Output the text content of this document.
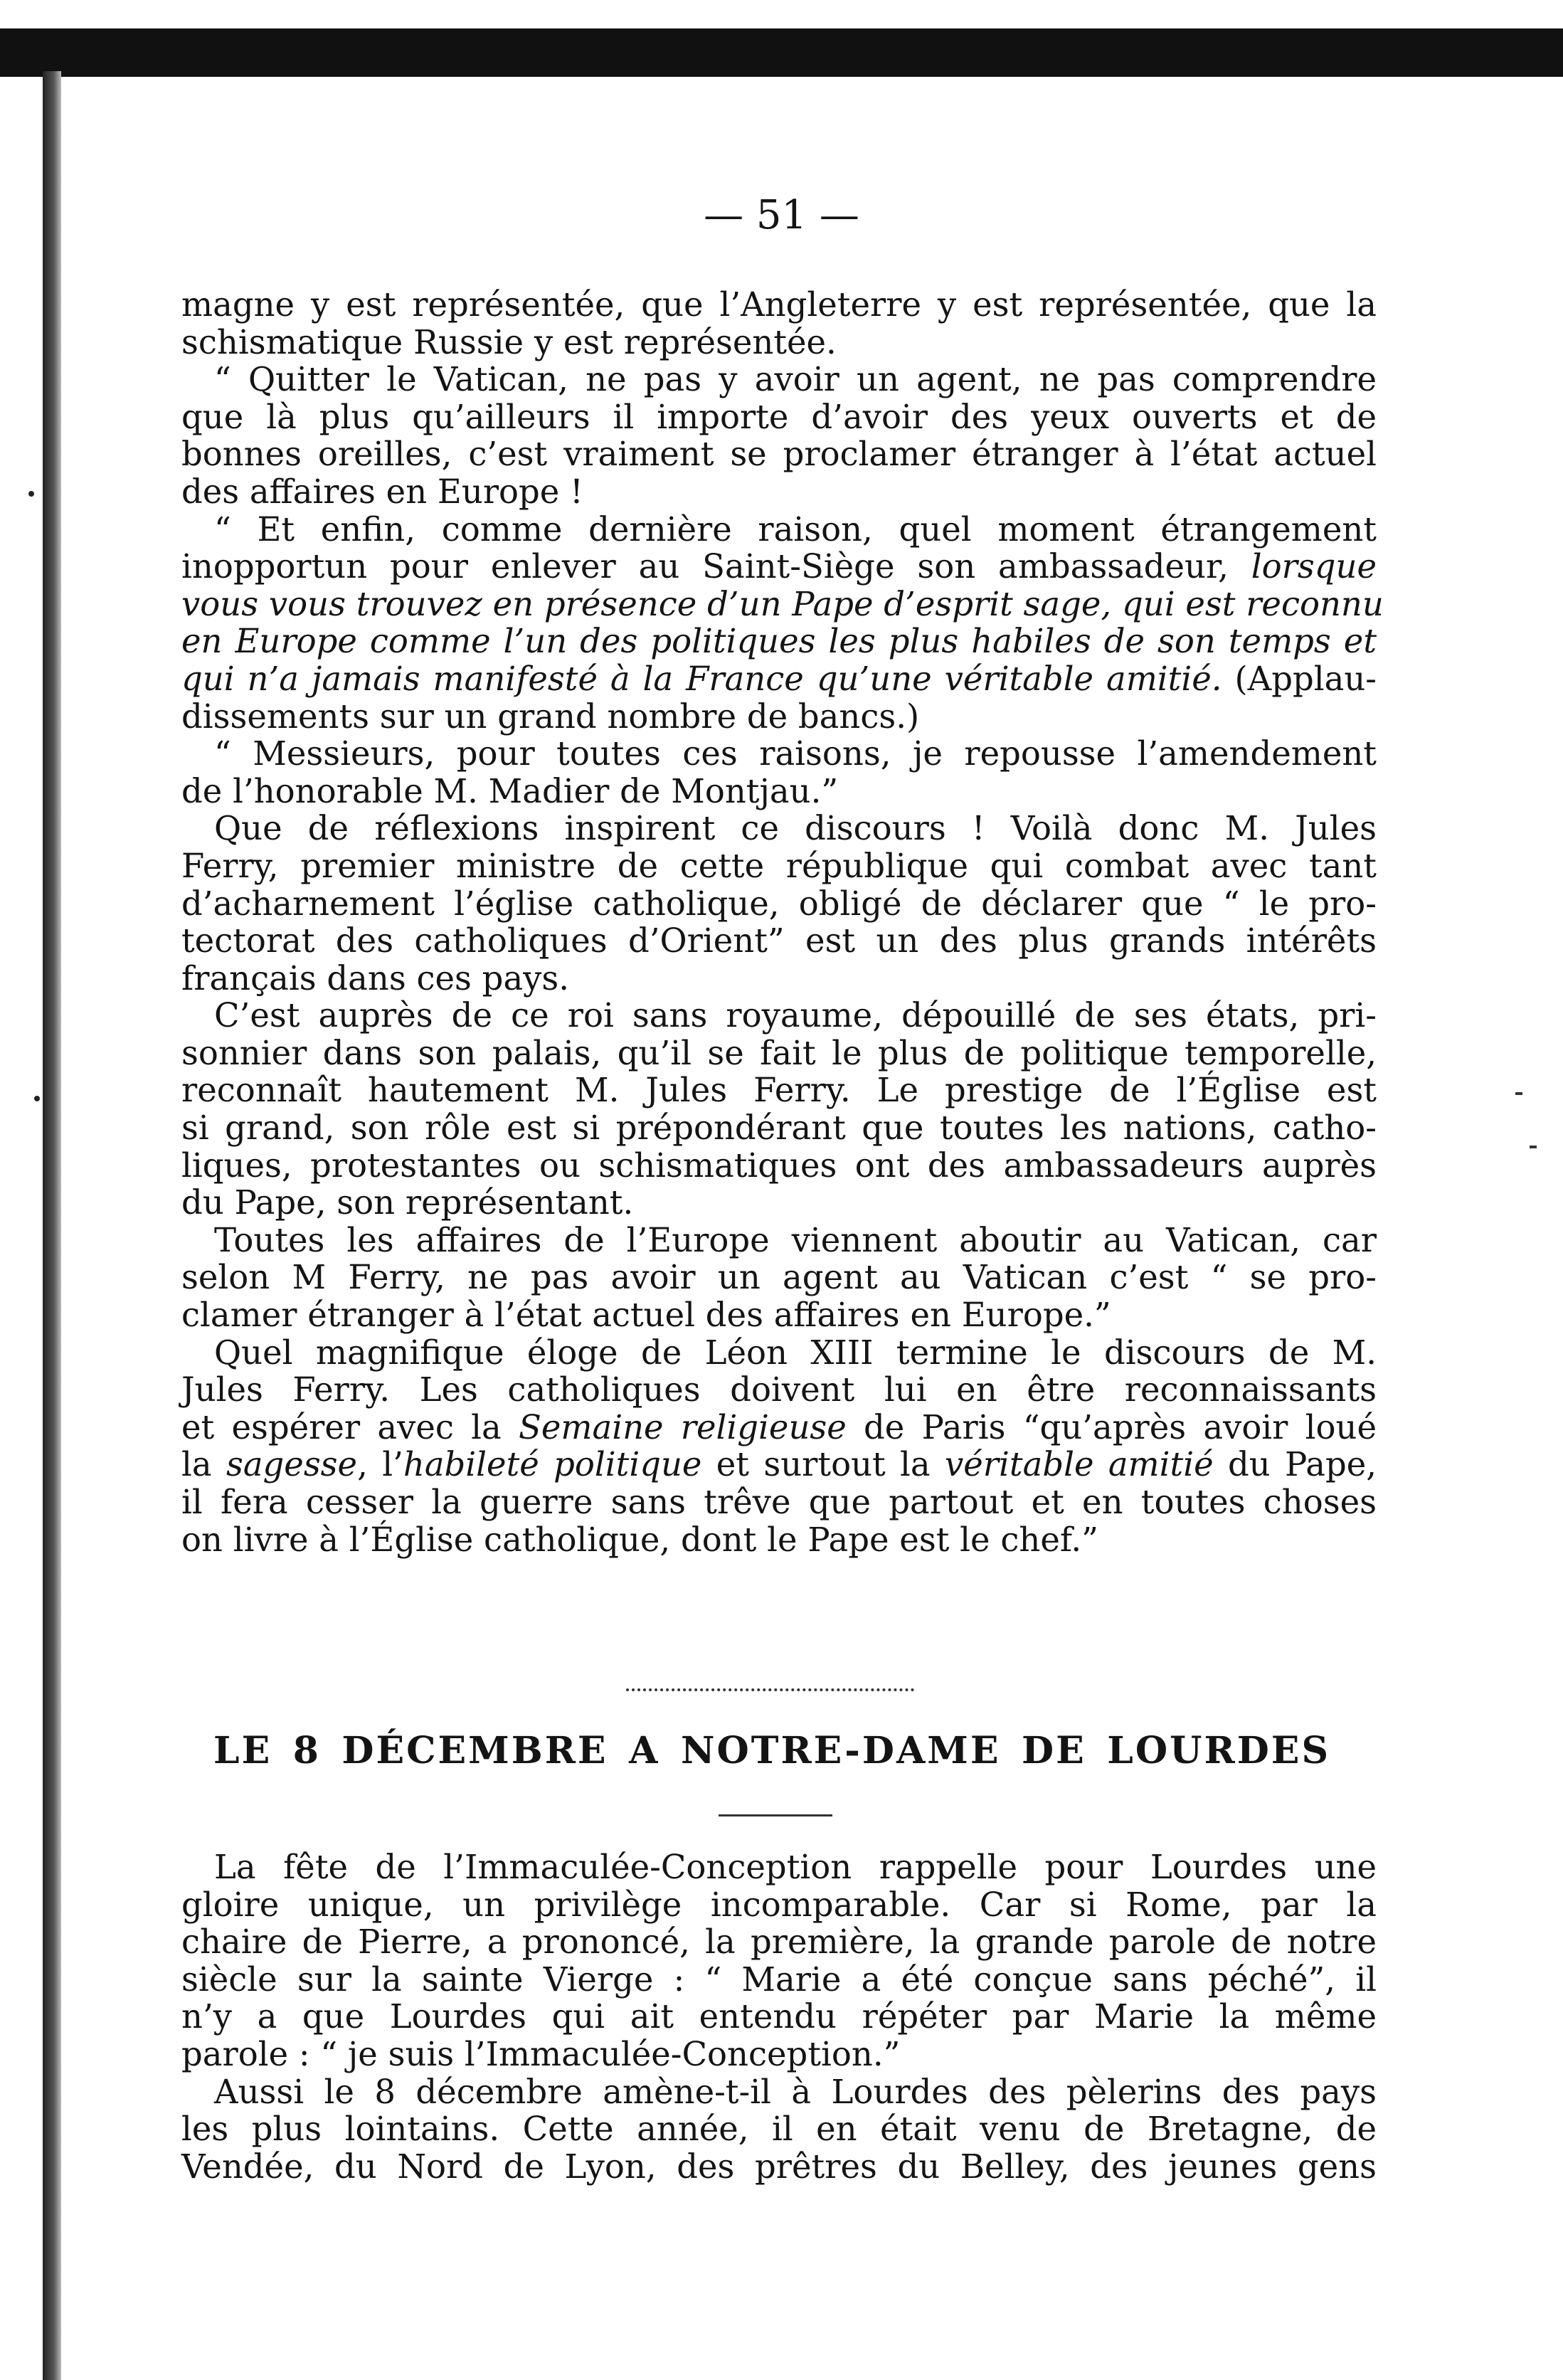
— 51 —
magne y est représentée, que l’Angleterre y est représentée, que la
schismatique Russie y est représentée.
“ Quitter le Vatican, ne pas y avoir un agent, ne pas comprendre
que là plus qu’ailleurs il importe d’avoir des yeux ouverts et de
bonnes oreilles, c’est vraiment se proclamer étranger à l’état actuel
des affaires en Europe !
“ Et enfin, comme dernière raison, quel moment étrangement
inopportun pour enlever au Saint-Siège son ambassadeur, lorsque
vous vous trouvez en présence d’un Pape d’esprit sage, qui est reconnu
en Europe comme l’un des politiques les plus habiles de son temps et
qui n’a jamais manifesté à la France qu’une véritable amitié. (Applau-
dissements sur un grand nombre de bancs.)
“ Messieurs, pour toutes ces raisons, je repousse l’amendement
de l’honorable M. Madier de Montjau.”
Que de réflexions inspirent ce discours ! Voilà donc M. Jules
Ferry, premier ministre de cette république qui combat avec tant
d’acharnement l’église catholique, obligé de déclarer que “ le pro-
tectorat des catholiques d’Orient” est un des plus grands intérêts
français dans ces pays.
C’est auprès de ce roi sans royaume, dépouillé de ses états, pri-
sonnier dans son palais, qu’il se fait le plus de politique temporelle,
reconnaît hautement M. Jules Ferry. Le prestige de l’Église est
si grand, son rôle est si prépondérant que toutes les nations, catho-
liques, protestantes ou schismatiques ont des ambassadeurs auprès
du Pape, son représentant.
Toutes les affaires de l’Europe viennent aboutir au Vatican, car
selon M Ferry, ne pas avoir un agent au Vatican c’est “ se pro-
clamer étranger à l’état actuel des affaires en Europe.”
Quel magnifique éloge de Léon XIII termine le discours de M.
Jules Ferry. Les catholiques doivent lui en être reconnaissants
et espérer avec la Semaine religieuse de Paris “qu’après avoir loué
la sagesse, l’habileté politique et surtout la véritable amitié du Pape,
il fera cesser la guerre sans trêve que partout et en toutes choses
on livre à l’Église catholique, dont le Pape est le chef.”
LE 8 DÉCEMBRE A NOTRE-DAME DE LOURDES
La fête de l’Immaculée-Conception rappelle pour Lourdes une
gloire unique, un privilège incomparable. Car si Rome, par la
chaire de Pierre, a prononcé, la première, la grande parole de notre
siècle sur la sainte Vierge : “ Marie a été conçue sans péché”, il
n’y a que Lourdes qui ait entendu répéter par Marie la même
parole : “ je suis l’Immaculée-Conception.”
Aussi le 8 décembre amène-t-il à Lourdes des pèlerins des pays
les plus lointains. Cette année, il en était venu de Bretagne, de
Vendée, du Nord de Lyon, des prêtres du Belley, des jeunes gens
